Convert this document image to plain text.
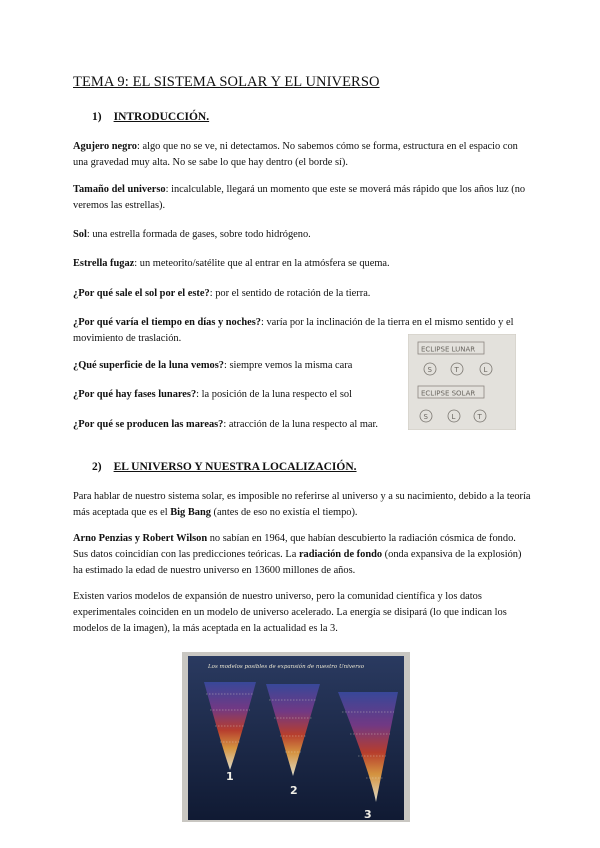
TEMA 9: EL SISTEMA SOLAR Y EL UNIVERSO
1) INTRODUCCIÓN.
Agujero negro: algo que no se ve, ni detectamos. No sabemos cómo se forma, estructura en el espacio con una gravedad muy alta. No se sabe lo que hay dentro (el borde sí).
Tamaño del universo: incalculable, llegará un momento que este se moverá más rápido que los años luz (no veremos las estrellas).
Sol: una estrella formada de gases, sobre todo hidrógeno.
Estrella fugaz: un meteorito/satélite que al entrar en la atmósfera se quema.
¿Por qué sale el sol por el este?: por el sentido de rotación de la tierra.
¿Por qué varía el tiempo en días y noches?: varía por la inclinación de la tierra en el mismo sentido y el movimiento de traslación.
¿Qué superficie de la luna vemos?: siempre vemos la misma cara
¿Por qué hay fases lunares?: la posición de la luna respecto el sol
¿Por qué se producen las mareas?: atracción de la luna respecto al mar.
ECLIPSE LUNAR
S	T	L
ECLIPSE SOLAR
S	L	T
2) EL UNIVERSO Y NUESTRA LOCALIZACIÓN.
Para hablar de nuestro sistema solar, es imposible no referirse al universo y a su nacimiento, debido a la teoría más aceptada que es el Big Bang (antes de eso no existía el tiempo).
Arno Penzias y Robert Wilson no sabían en 1964, que habían descubierto la radiación cósmica de fondo. Sus datos coincidían con las predicciones teóricas. La radiación de fondo (onda expansiva de la explosión) ha estimado la edad de nuestro universo en 13600 millones de años.
Existen varios modelos de expansión de nuestro universo, pero la comunidad científica y los datos experimentales coinciden en un modelo de universo acelerado. La energía se disipará (lo que indican los modelos de la imagen), la más aceptada en la actualidad es la 3.
Los modelos posibles de expansión de nuestro Universo
1
2
3
